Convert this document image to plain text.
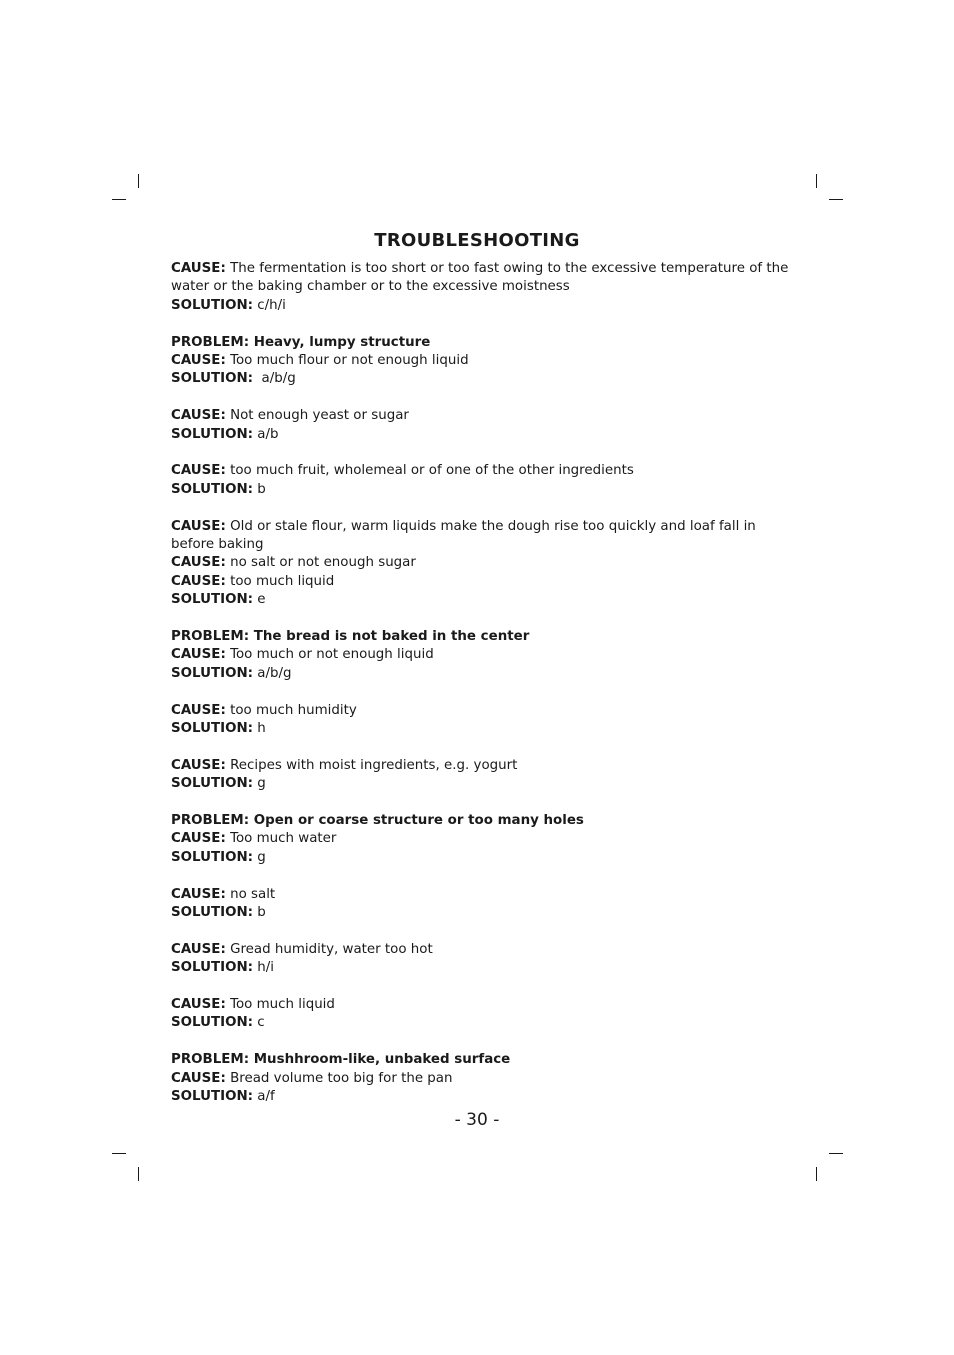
TROUBLESHOOTING

CAUSE: The fermentation is too short or too fast owing to the excessive temperature of the water or the baking chamber or to the excessive moistness

SOLUTION: c/h/i

PROBLEM: Heavy, lumpy structure

CAUSE: Too much flour or not enough liquid

SOLUTION:  a/b/g

CAUSE: Not enough yeast or sugar

SOLUTION: a/b

CAUSE: too much fruit, wholemeal or of one of the other ingredients

SOLUTION: b

CAUSE: Old or stale flour, warm liquids make the dough rise too quickly and loaf fall in before baking

CAUSE: no salt or not enough sugar

CAUSE: too much liquid

SOLUTION: e

PROBLEM: The bread is not baked in the center

CAUSE: Too much or not enough liquid

SOLUTION: a/b/g

CAUSE: too much humidity

SOLUTION: h

CAUSE: Recipes with moist ingredients, e.g. yogurt

SOLUTION: g

PROBLEM: Open or coarse structure or too many holes

CAUSE: Too much water

SOLUTION: g

CAUSE: no salt

SOLUTION: b

CAUSE: Gread humidity, water too hot

SOLUTION: h/i

CAUSE: Too much liquid

SOLUTION: c

PROBLEM: Mushhroom-like, unbaked surface

CAUSE: Bread volume too big for the pan

SOLUTION: a/f

- 30 -
